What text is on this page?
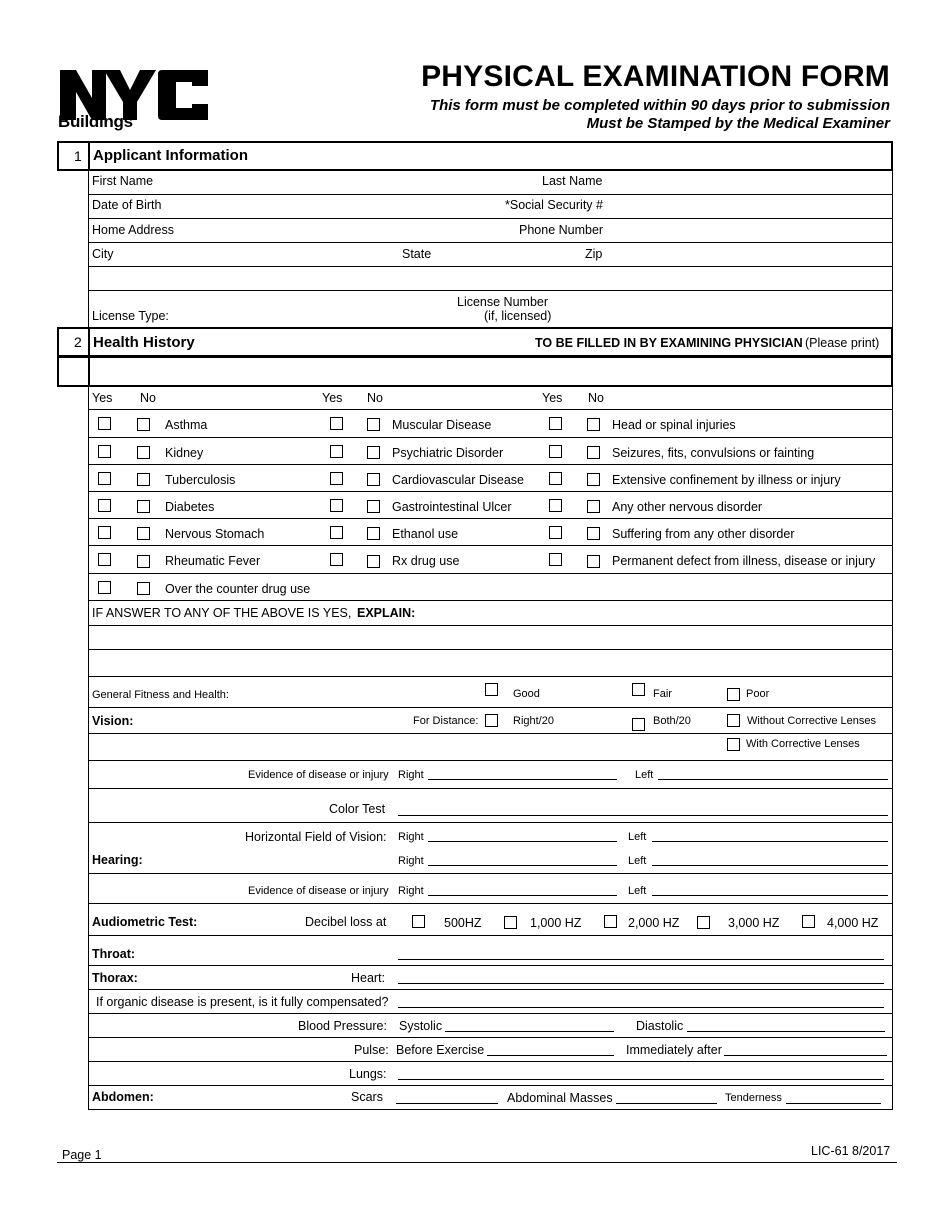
Buildings
PHYSICAL EXAMINATION FORM
This form must be completed within 90 days prior to submission
Must be Stamped by the Medical Examiner
1 Applicant Information
First Name	Last Name
Date of Birth	*Social Security #
Home Address	Phone Number
City	State	Zip
License Type:
License Number
(if, licensed)
2 Health History	TO BE FILLED IN BY EXAMINING PHYSICIAN (Please print)
Yes No	Yes No	Yes No
Asthma	Muscular Disease	Head or spinal injuries
Kidney	Psychiatric Disorder	Seizures, fits, convulsions or fainting
Tuberculosis	Cardiovascular Disease	Extensive confinement by illness or injury
Diabetes	Gastrointestinal Ulcer	Any other nervous disorder
Nervous Stomach	Ethanol use	Suffering from any other disorder
Rheumatic Fever	Rx drug use	Permanent defect from illness, disease or injury
Over the counter drug use
IF ANSWER TO ANY OF THE ABOVE IS YES, EXPLAIN:
General Fitness and Health:	Good	Fair	Poor
Vision:	For Distance:	Right/20	Both/20	Without Corrective Lenses
With Corrective Lenses
Evidence of disease or injury Right	Left
Color Test
Horizontal Field of Vision: Right	Left
Hearing:	Right	Left
Evidence of disease or injury Right	Left
Audiometric Test:	Decibel loss at	500HZ	1,000 HZ	2,000 HZ	3,000 HZ	4,000 HZ
Throat:
Thorax:	Heart:
If organic disease is present, is it fully compensated?
Blood Pressure: Systolic	Diastolic
Pulse: Before Exercise	Immediately after
Lungs:
Abdomen:	Scars	Abdominal Masses	Tenderness
Page 1	LIC-61 8/2017
